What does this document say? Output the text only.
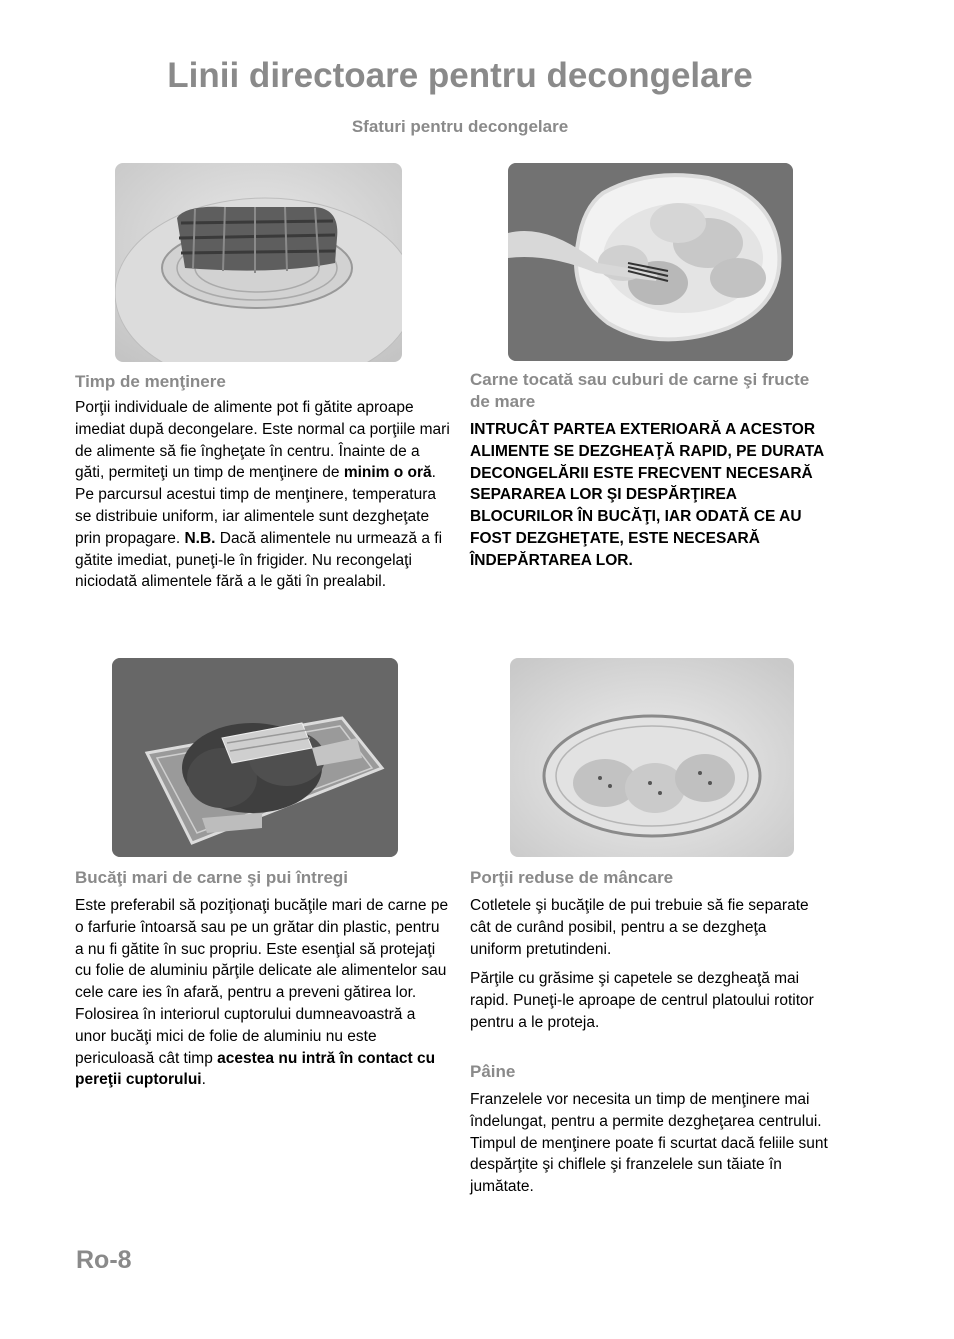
Linii directoare pentru decongelare
Sfaturi pentru decongelare
Timp de menţinere
Porţii individuale de alimente pot fi gătite aproape imediat după decongelare. Este normal ca porţiile mari de alimente să fie îngheţate în centru. Înainte de a găti, permiteţi un timp de menţinere de minim o oră. Pe parcursul acestui timp de menţinere, temperatura se distribuie uniform, iar alimentele sunt dezgheţate prin propagare. N.B. Dacă alimentele nu urmează a fi gătite imediat, puneţi-le în frigider. Nu recongelaţi niciodată alimentele fără a le găti în prealabil.
Carne tocată sau cuburi de carne şi fructe de mare
INTRUCÂT PARTEA EXTERIOARĂ A ACESTOR ALIMENTE SE DEZGHEAŢĂ RAPID, PE DURATA DECONGELĂRII ESTE FRECVENT NECESARĂ SEPARAREA LOR ŞI DESPĂRŢIREA BLOCURILOR ÎN BUCĂŢI, IAR ODATĂ CE AU FOST DEZGHEŢATE, ESTE NECESARĂ ÎNDEPĂRTAREA LOR.
Bucăţi mari de carne şi pui întregi
Este preferabil să poziţionaţi bucăţile mari de carne pe o farfurie întoarsă sau pe un grătar din plastic, pentru a nu fi gătite în suc propriu. Este esenţial să protejaţi cu folie de aluminiu părţile delicate ale alimentelor sau cele care ies în afară, pentru a preveni gătirea lor. Folosirea în interiorul cuptorului dumneavoastră a unor bucăţi mici de folie de aluminiu nu este periculoasă cât timp acestea nu intră în contact cu pereţii cuptorului.
Porţii reduse de mâncare

Cotletele şi bucăţile de pui trebuie să fie separate cât de curând posibil, pentru a se dezgheţa uniform pretutindeni.

Părţile cu grăsime şi capetele se dezgheaţă mai rapid. Puneţi-le aproape de centrul platoului rotitor pentru a le proteja.

Pâine
Franzelele vor necesita un timp de menţinere mai îndelungat, pentru a permite dezgheţarea centrului. Timpul de menţinere poate fi scurtat dacă feliile sunt despărţite şi chiflele şi franzelele sun tăiate în jumătate.
Ro-8
